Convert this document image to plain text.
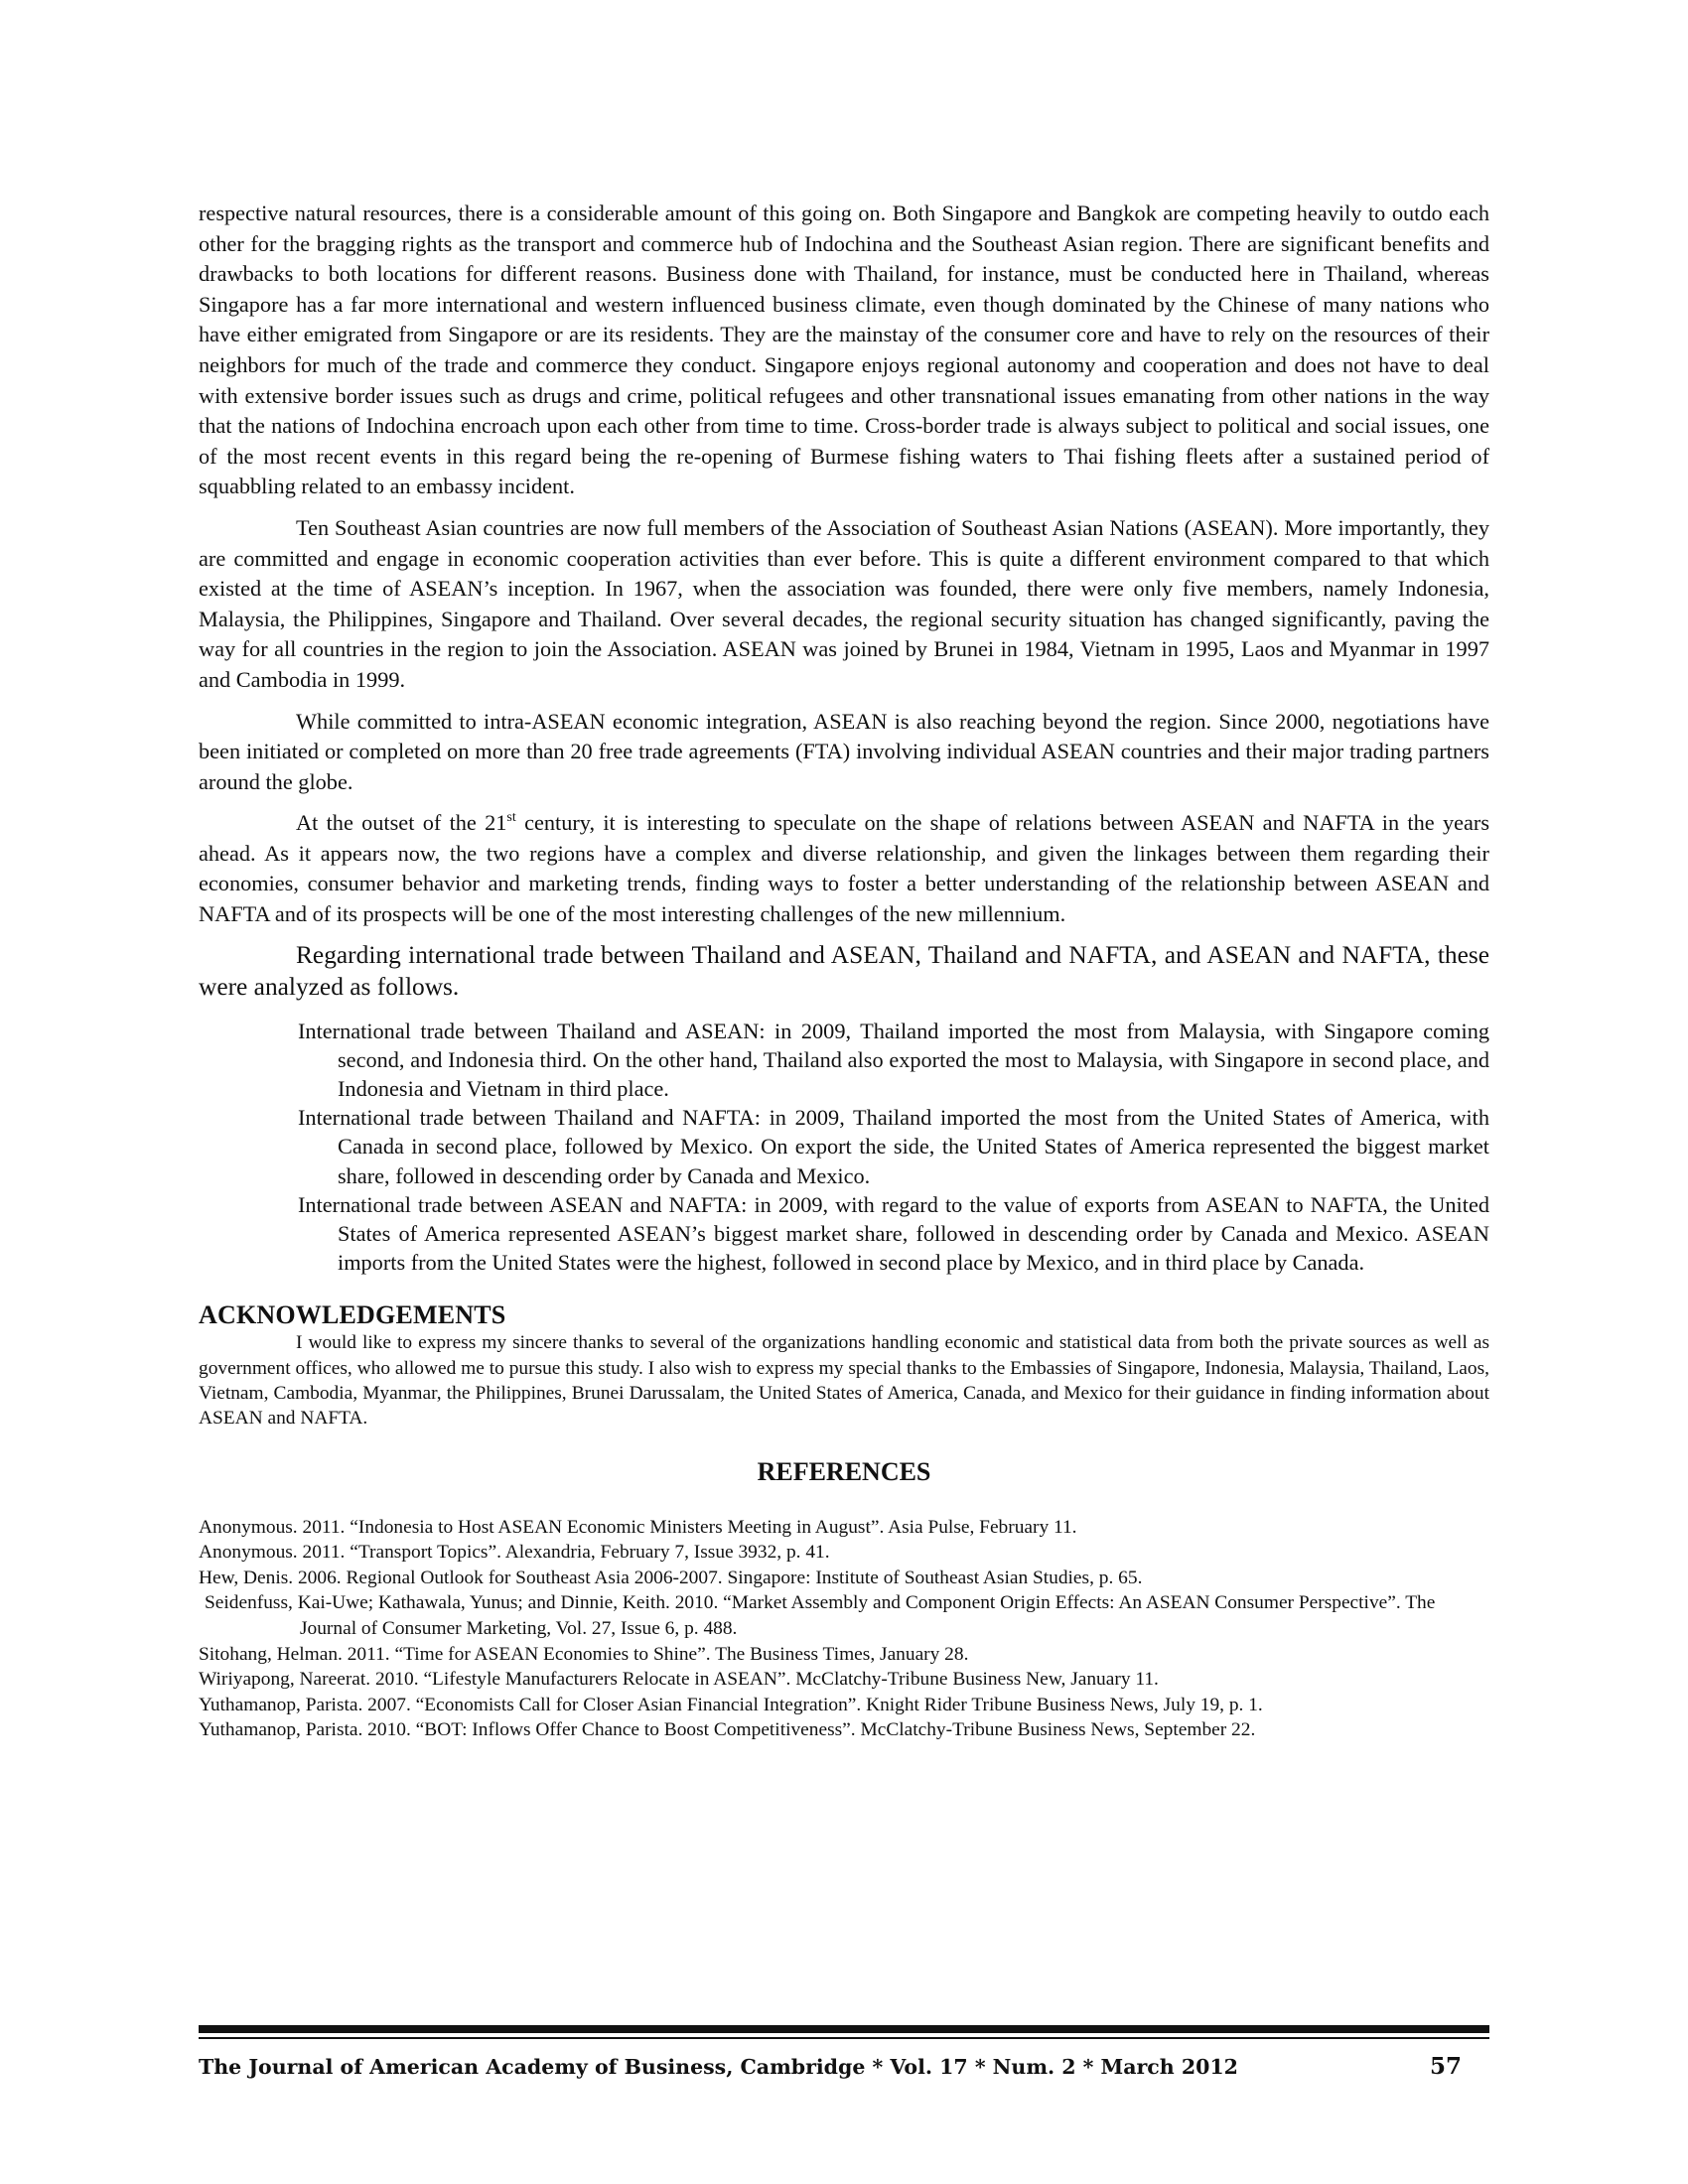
respective natural resources, there is a considerable amount of this going on. Both Singapore and Bangkok are competing heavily to outdo each other for the bragging rights as the transport and commerce hub of Indochina and the Southeast Asian region. There are significant benefits and drawbacks to both locations for different reasons. Business done with Thailand, for instance, must be conducted here in Thailand, whereas Singapore has a far more international and western influenced business climate, even though dominated by the Chinese of many nations who have either emigrated from Singapore or are its residents. They are the mainstay of the consumer core and have to rely on the resources of their neighbors for much of the trade and commerce they conduct. Singapore enjoys regional autonomy and cooperation and does not have to deal with extensive border issues such as drugs and crime, political refugees and other transnational issues emanating from other nations in the way that the nations of Indochina encroach upon each other from time to time. Cross-border trade is always subject to political and social issues, one of the most recent events in this regard being the re-opening of Burmese fishing waters to Thai fishing fleets after a sustained period of squabbling related to an embassy incident.

Ten Southeast Asian countries are now full members of the Association of Southeast Asian Nations (ASEAN). More importantly, they are committed and engage in economic cooperation activities than ever before. This is quite a different environment compared to that which existed at the time of ASEAN’s inception. In 1967, when the association was founded, there were only five members, namely Indonesia, Malaysia, the Philippines, Singapore and Thailand. Over several decades, the regional security situation has changed significantly, paving the way for all countries in the region to join the Association. ASEAN was joined by Brunei in 1984, Vietnam in 1995, Laos and Myanmar in 1997 and Cambodia in 1999.

While committed to intra-ASEAN economic integration, ASEAN is also reaching beyond the region. Since 2000, negotiations have been initiated or completed on more than 20 free trade agreements (FTA) involving individual ASEAN countries and their major trading partners around the globe.

At the outset of the 21st century, it is interesting to speculate on the shape of relations between ASEAN and NAFTA in the years ahead. As it appears now, the two regions have a complex and diverse relationship, and given the linkages between them regarding their economies, consumer behavior and marketing trends, finding ways to foster a better understanding of the relationship between ASEAN and NAFTA and of its prospects will be one of the most interesting challenges of the new millennium.

Regarding international trade between Thailand and ASEAN, Thailand and NAFTA, and ASEAN and NAFTA, these were analyzed as follows.

International trade between Thailand and ASEAN: in 2009, Thailand imported the most from Malaysia, with Singapore coming second, and Indonesia third. On the other hand, Thailand also exported the most to Malaysia, with Singapore in second place, and Indonesia and Vietnam in third place.
International trade between Thailand and NAFTA: in 2009, Thailand imported the most from the United States of America, with Canada in second place, followed by Mexico. On export the side, the United States of America represented the biggest market share, followed in descending order by Canada and Mexico.
International trade between ASEAN and NAFTA: in 2009, with regard to the value of exports from ASEAN to NAFTA, the United States of America represented ASEAN’s biggest market share, followed in descending order by Canada and Mexico. ASEAN imports from the United States were the highest, followed in second place by Mexico, and in third place by Canada.
ACKNOWLEDGEMENTS

I would like to express my sincere thanks to several of the organizations handling economic and statistical data from both the private sources as well as government offices, who allowed me to pursue this study. I also wish to express my special thanks to the Embassies of Singapore, Indonesia, Malaysia, Thailand, Laos, Vietnam, Cambodia, Myanmar, the Philippines, Brunei Darussalam, the United States of America, Canada, and Mexico for their guidance in finding information about ASEAN and NAFTA.

REFERENCES
Anonymous. 2011. “Indonesia to Host ASEAN Economic Ministers Meeting in August”. Asia Pulse, February 11.
Anonymous. 2011. “Transport Topics”. Alexandria, February 7, Issue 3932, p. 41.
Hew, Denis. 2006. Regional Outlook for Southeast Asia 2006-2007. Singapore: Institute of Southeast Asian Studies, p. 65.
Seidenfuss, Kai-Uwe; Kathawala, Yunus; and Dinnie, Keith. 2010. “Market Assembly and Component Origin Effects: An ASEAN Consumer Perspective”. The Journal of Consumer Marketing, Vol. 27, Issue 6, p. 488.
Sitohang, Helman. 2011. “Time for ASEAN Economies to Shine”. The Business Times, January 28.
Wiriyapong, Nareerat. 2010. “Lifestyle Manufacturers Relocate in ASEAN”. McClatchy-Tribune Business New, January 11.
Yuthamanop, Parista. 2007. “Economists Call for Closer Asian Financial Integration”. Knight Rider Tribune Business News, July 19, p. 1.
Yuthamanop, Parista. 2010. “BOT: Inflows Offer Chance to Boost Competitiveness”. McClatchy-Tribune Business News, September 22.
The Journal of American Academy of Business, Cambridge * Vol. 17 * Num. 2 * March 2012	57
